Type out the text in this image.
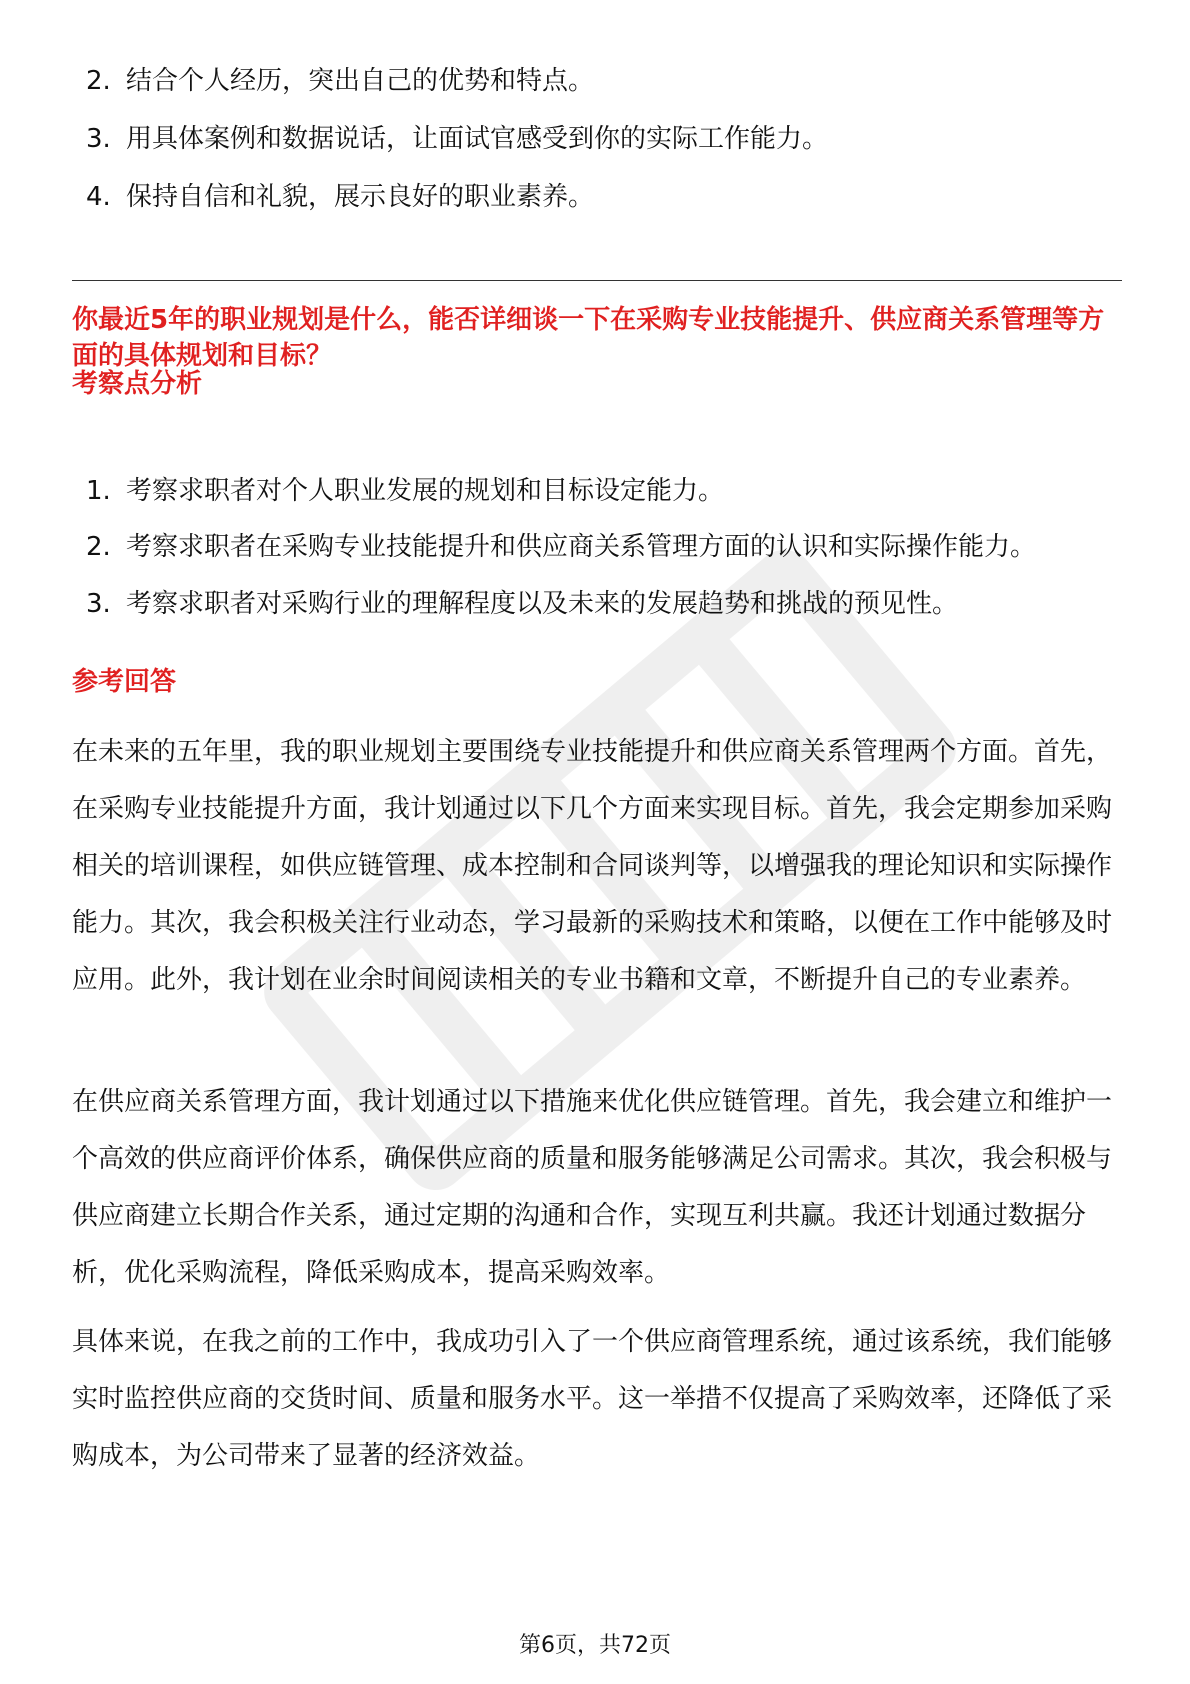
2. 结合个人经历，突出自己的优势和特点。
3. 用具体案例和数据说话，让面试官感受到你的实际工作能力。
4. 保持自信和礼貌，展示良好的职业素养。
你最近5年的职业规划是什么，能否详细谈一下在采购专业技能提升、供应商关系管理等方面的具体规划和目标？
考察点分析
1. 考察求职者对个人职业发展的规划和目标设定能力。
2. 考察求职者在采购专业技能提升和供应商关系管理方面的认识和实际操作能力。
3. 考察求职者对采购行业的理解程度以及未来的发展趋势和挑战的预见性。
参考回答
在未来的五年里，我的职业规划主要围绕专业技能提升和供应商关系管理两个方面。首先，在采购专业技能提升方面，我计划通过以下几个方面来实现目标。首先，我会定期参加采购相关的培训课程，如供应链管理、成本控制和合同谈判等，以增强我的理论知识和实际操作能力。其次，我会积极关注行业动态，学习最新的采购技术和策略，以便在工作中能够及时应用。此外，我计划在业余时间阅读相关的专业书籍和文章，不断提升自己的专业素养。
在供应商关系管理方面，我计划通过以下措施来优化供应链管理。首先，我会建立和维护一个高效的供应商评价体系，确保供应商的质量和服务能够满足公司需求。其次，我会积极与供应商建立长期合作关系，通过定期的沟通和合作，实现互利共赢。我还计划通过数据分析，优化采购流程，降低采购成本，提高采购效率。
具体来说，在我之前的工作中，我成功引入了一个供应商管理系统，通过该系统，我们能够实时监控供应商的交货时间、质量和服务水平。这一举措不仅提高了采购效率，还降低了采购成本，为公司带来了显著的经济效益。
第6页，共72页
